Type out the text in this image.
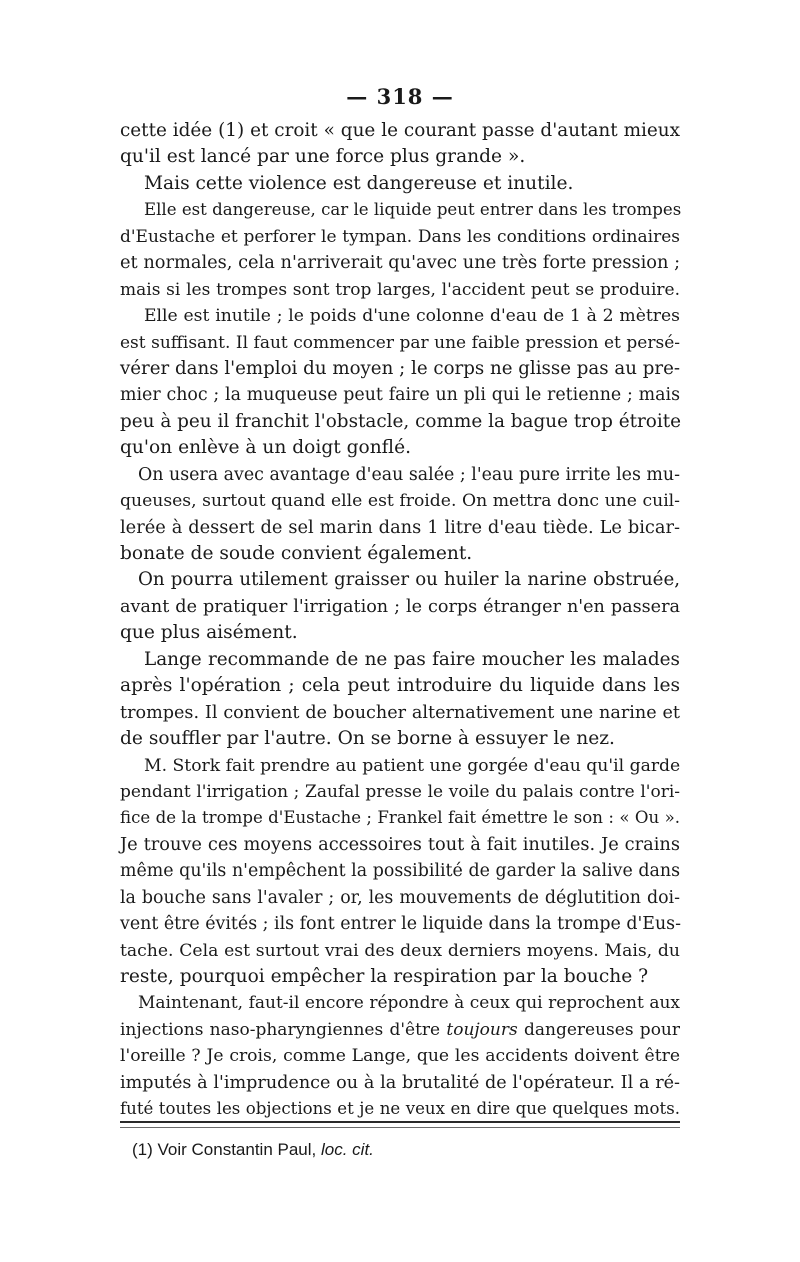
— 318 —
cette idée (1) et croit « que le courant passe d'autant mieux
qu'il est lancé par une force plus grande ».
Mais cette violence est dangereuse et inutile.
Elle est dangereuse, car le liquide peut entrer dans les trompes
d'Eustache et perforer le tympan. Dans les conditions ordinaires
et normales, cela n'arriverait qu'avec une très forte pression ;
mais si les trompes sont trop larges, l'accident peut se produire.
Elle est inutile ; le poids d'une colonne d'eau de 1 à 2 mètres
est suffisant. Il faut commencer par une faible pression et persé-
vérer dans l'emploi du moyen ; le corps ne glisse pas au pre-
mier choc ; la muqueuse peut faire un pli qui le retienne ; mais
peu à peu il franchit l'obstacle, comme la bague trop étroite
qu'on enlève à un doigt gonflé.
On usera avec avantage d'eau salée ; l'eau pure irrite les mu-
queuses, surtout quand elle est froide. On mettra donc une cuil-
lerée à dessert de sel marin dans 1 litre d'eau tiède. Le bicar-
bonate de soude convient également.
On pourra utilement graisser ou huiler la narine obstruée,
avant de pratiquer l'irrigation ; le corps étranger n'en passera
que plus aisément.
Lange recommande de ne pas faire moucher les malades
après l'opération ; cela peut introduire du liquide dans les
trompes. Il convient de boucher alternativement une narine et
de souffler par l'autre. On se borne à essuyer le nez.
M. Stork fait prendre au patient une gorgée d'eau qu'il garde
pendant l'irrigation ; Zaufal presse le voile du palais contre l'ori-
fice de la trompe d'Eustache ; Frankel fait émettre le son : « Ou ».
Je trouve ces moyens accessoires tout à fait inutiles. Je crains
même qu'ils n'empêchent la possibilité de garder la salive dans
la bouche sans l'avaler ; or, les mouvements de déglutition doi-
vent être évités ; ils font entrer le liquide dans la trompe d'Eus-
tache. Cela est surtout vrai des deux derniers moyens. Mais, du
reste, pourquoi empêcher la respiration par la bouche ?
Maintenant, faut-il encore répondre à ceux qui reprochent aux
injections naso-pharyngiennes d'être toujours dangereuses pour
l'oreille ? Je crois, comme Lange, que les accidents doivent être
imputés à l'imprudence ou à la brutalité de l'opérateur. Il a ré-
futé toutes les objections et je ne veux en dire que quelques mots.
(1) Voir Constantin Paul, loc. cit.
